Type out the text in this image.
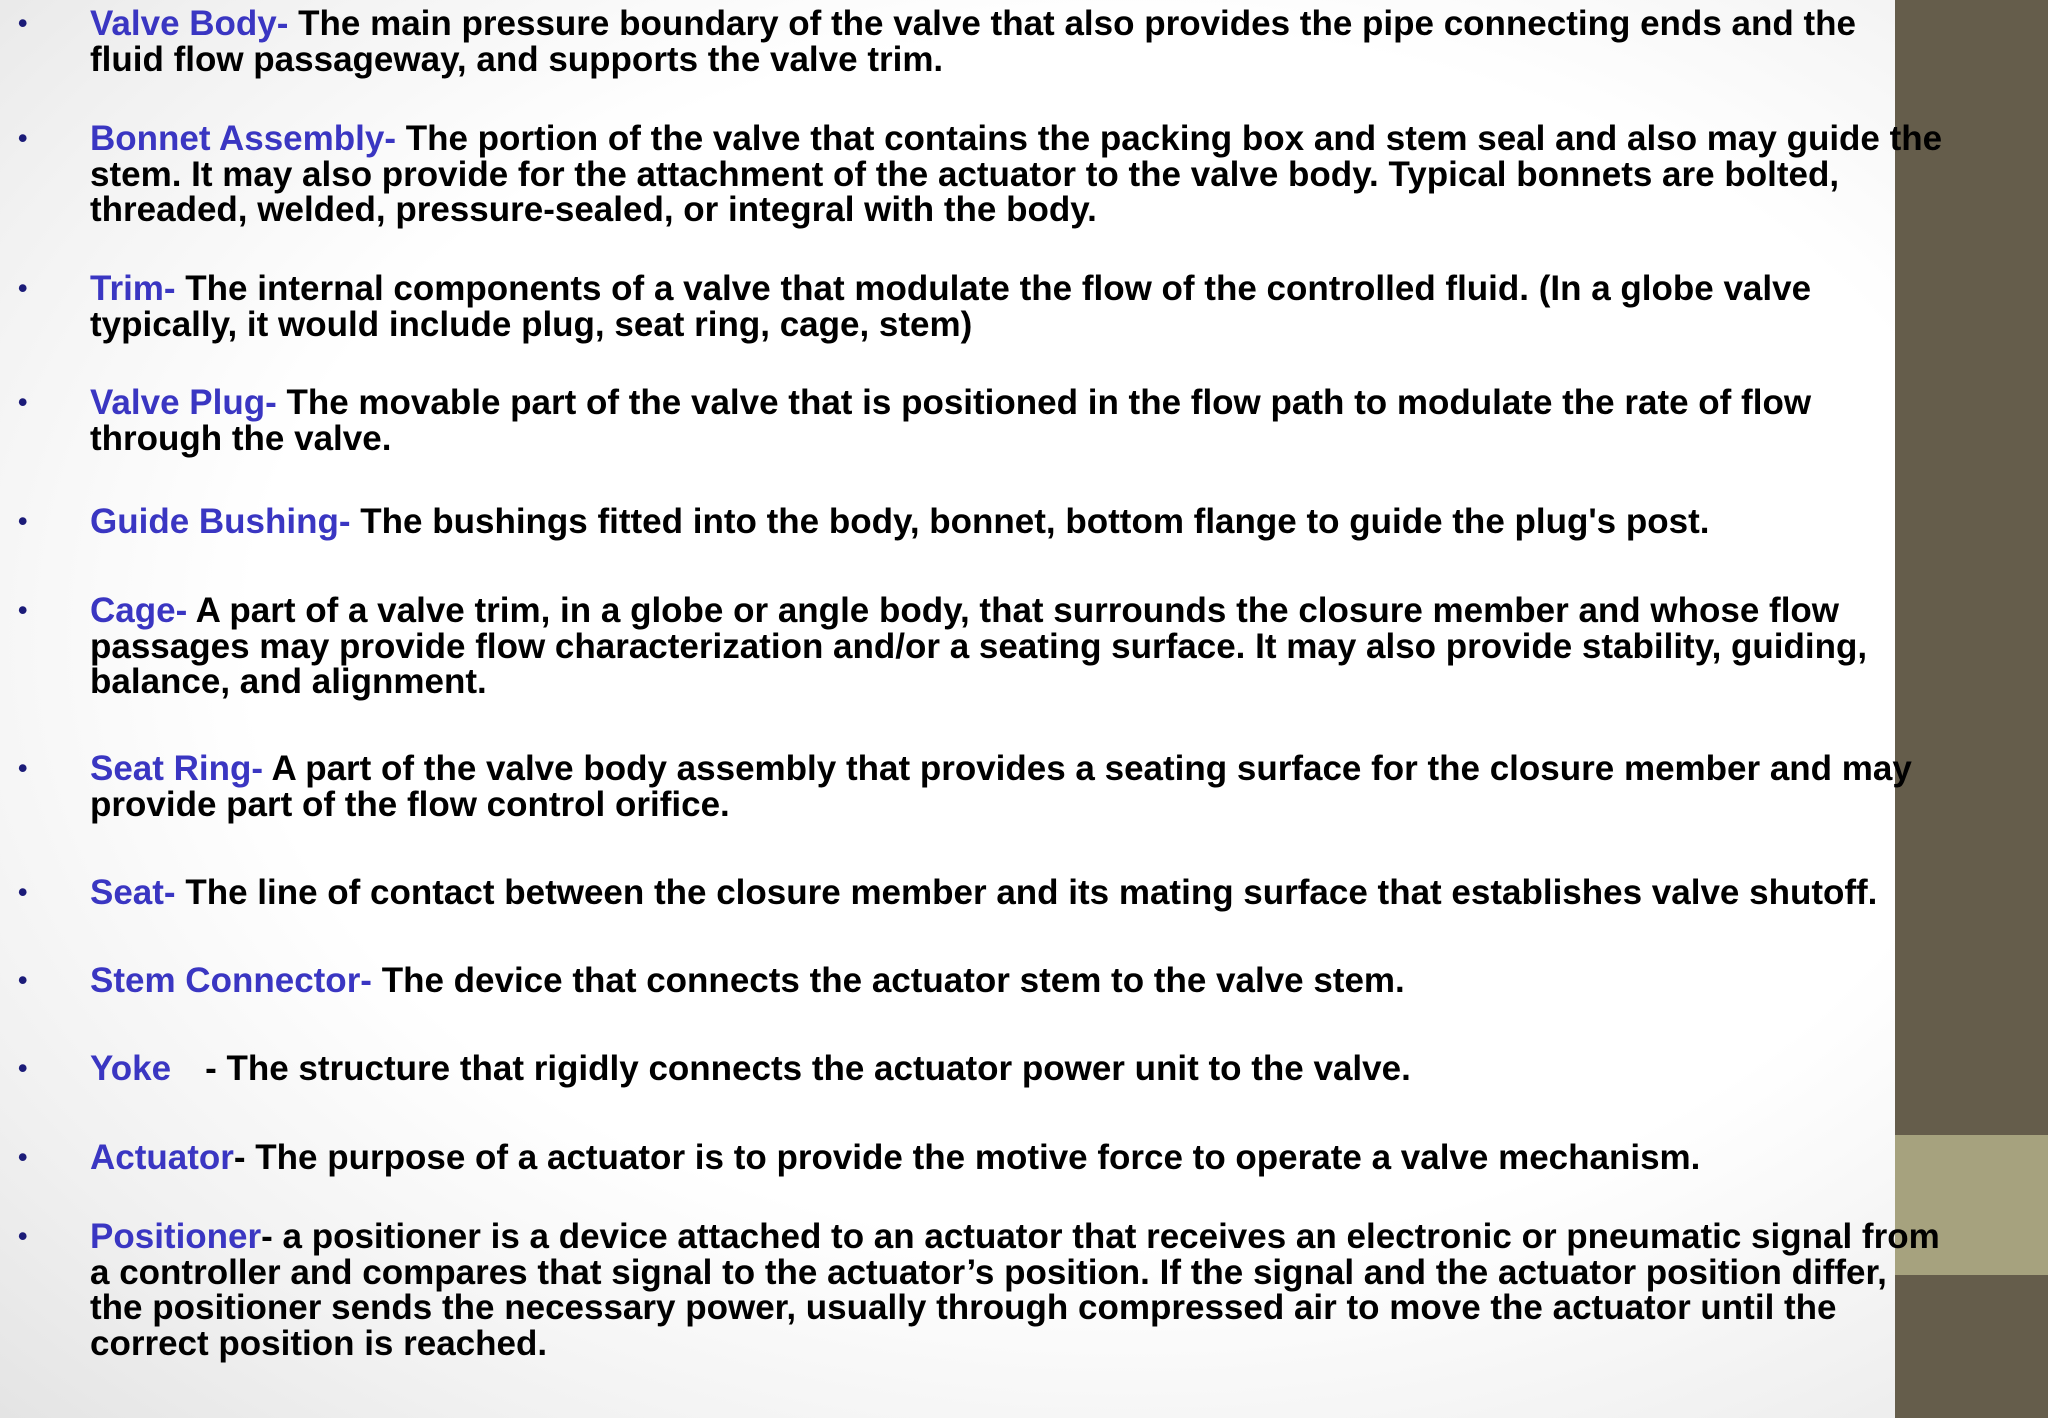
• Valve Body- The main pressure boundary of the valve that also provides the pipe connecting ends and the
fluid flow passageway, and supports the valve trim.
• Bonnet Assembly- The portion of the valve that contains the packing box and stem seal and also may guide the
stem. It may also provide for the attachment of the actuator to the valve body. Typical bonnets are bolted,
threaded, welded, pressure-sealed, or integral with the body.
• Trim- The internal components of a valve that modulate the flow of the controlled fluid. (In a globe valve
typically, it would include plug, seat ring, cage, stem)
• Valve Plug- The movable part of the valve that is positioned in the flow path to modulate the rate of flow
through the valve.
• Guide Bushing- The bushings fitted into the body, bonnet, bottom flange to guide the plug's post.
• Cage- A part of a valve trim, in a globe or angle body, that surrounds the closure member and whose flow
passages may provide flow characterization and/or a seating surface. It may also provide stability, guiding,
balance, and alignment.
• Seat Ring- A part of the valve body assembly that provides a seating surface for the closure member and may
provide part of the flow control orifice.
• Seat- The line of contact between the closure member and its mating surface that establishes valve shutoff.
• Stem Connector- The device that connects the actuator stem to the valve stem.
• Yoke - The structure that rigidly connects the actuator power unit to the valve.
• Actuator- The purpose of a actuator is to provide the motive force to operate a valve mechanism.
• Positioner- a positioner is a device attached to an actuator that receives an electronic or pneumatic signal from
a controller and compares that signal to the actuator’s position. If the signal and the actuator position differ,
the positioner sends the necessary power, usually through compressed air to move the actuator until the
correct position is reached.
